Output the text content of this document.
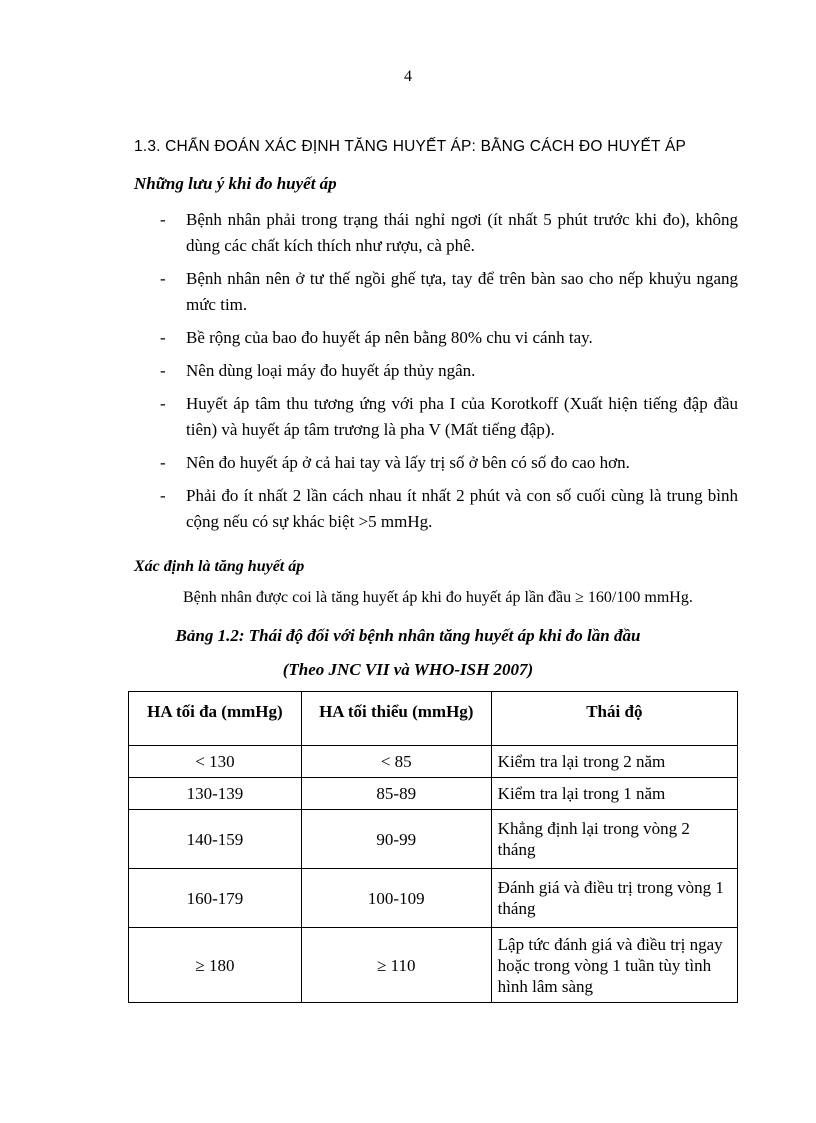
4
1.3. CHẨN ĐOÁN XÁC ĐỊNH TĂNG HUYẾT ÁP: BẰNG CÁCH ĐO HUYẾT ÁP
Những lưu ý khi đo huyết áp
-	Bệnh nhân phải trong trạng thái nghỉ ngơi (ít nhất 5 phút trước khi đo), không dùng các chất kích thích như rượu, cà phê.
-	Bệnh nhân nên ở tư thế ngồi ghế tựa, tay để trên bàn sao cho nếp khuỷu ngang mức tim.
-	Bề rộng của bao đo huyết áp nên bằng 80% chu vi cánh tay.
-	Nên dùng loại máy đo huyết áp thủy ngân.
-	Huyết áp tâm thu tương ứng với pha I của Korotkoff (Xuất hiện tiếng đập đầu tiên) và huyết áp tâm trương là pha V (Mất tiếng đập).
-	Nên đo huyết áp ở cả hai tay và lấy trị số ở bên có số đo cao hơn.
-	Phải đo ít nhất 2 lần cách nhau ít nhất 2 phút và con số cuối cùng là trung bình cộng nếu có sự khác biệt >5 mmHg.
Xác định là tăng huyết áp
Bệnh nhân được coi là tăng huyết áp khi đo huyết áp lần đầu ≥ 160/100 mmHg.
Bảng 1.2: Thái độ đối với bệnh nhân tăng huyết áp khi đo lần đầu
(Theo JNC VII và WHO-ISH 2007)
HA tối đa (mmHg)	HA tối thiểu (mmHg)	Thái độ
< 130	< 85	Kiểm tra lại trong 2 năm
130-139	85-89	Kiểm tra lại trong 1 năm
140-159	90-99	Khẳng định lại trong vòng 2 tháng
160-179	100-109	Đánh giá và điều trị trong vòng 1 tháng
≥ 180	≥ 110	Lập tức đánh giá và điều trị ngay hoặc trong vòng 1 tuần tùy tình hình lâm sàng
